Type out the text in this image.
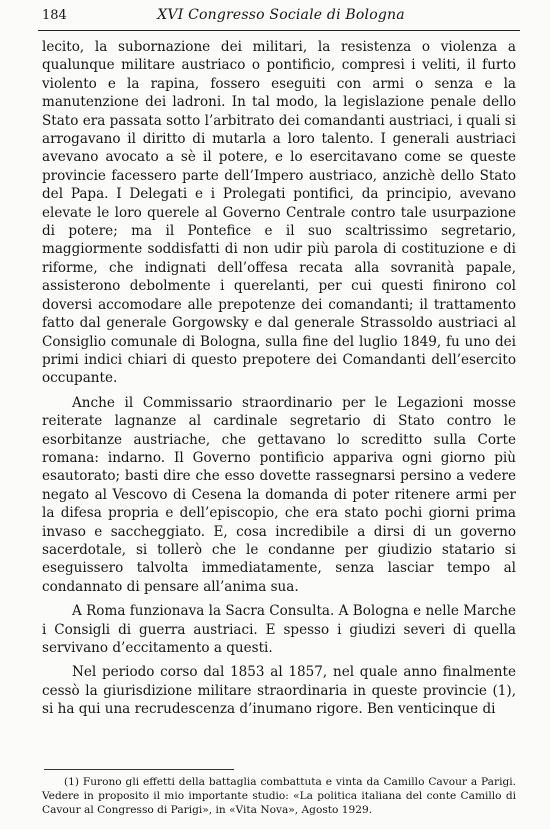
184	XVI Congresso Sociale di Bologna

lecito, la subornazione dei militari, la resistenza o violenza a qualunque militare austriaco o pontificio, compresi i veliti, il furto violento e la rapina, fossero eseguiti con armi o senza e la manutenzione dei ladroni. In tal modo, la legislazione penale dello Stato era passata sotto l’arbitrato dei comandanti austriaci, i quali si arrogavano il diritto di mutarla a loro talento. I generali austriaci avevano avocato a sè il potere, e lo esercitavano come se queste provincie facessero parte dell’Impero austriaco, anzichè dello Stato del Papa. I Delegati e i Prolegati pontifici, da principio, avevano elevate le loro querele al Governo Centrale contro tale usurpazione di potere; ma il Pontefice e il suo scaltrissimo segretario, maggiormente soddisfatti di non udir più parola di costituzione e di riforme, che indignati dell’offesa recata alla sovranità papale, assisterono debolmente i querelanti, per cui questi finirono col doversi accomodare alle prepotenze dei comandanti; il trattamento fatto dal generale Gorgowsky e dal generale Strassoldo austriaci al Consiglio comunale di Bologna, sulla fine del luglio 1849, fu uno dei primi indici chiari di questo prepotere dei Comandanti dell’esercito occupante.

Anche il Commissario straordinario per le Legazioni mosse reiterate lagnanze al cardinale segretario di Stato contro le esorbitanze austriache, che gettavano lo screditto sulla Corte romana: indarno. Il Governo pontificio appariva ogni giorno più esautorato; basti dire che esso dovette rassegnarsi persino a vedere negato al Vescovo di Cesena la domanda di poter ritenere armi per la difesa propria e dell’episcopio, che era stato pochi giorni prima invaso e saccheggiato. E, cosa incredibile a dirsi di un governo sacerdotale, si tollerò che le condanne per giudizio statario si eseguissero talvolta immediatamente, senza lasciar tempo al condannato di pensare all’anima sua.

A Roma funzionava la Sacra Consulta. A Bologna e nelle Marche i Consigli di guerra austriaci. E spesso i giudizi severi di quella servivano d’eccitamento a questi.

Nel periodo corso dal 1853 al 1857, nel quale anno finalmente cessò la giurisdizione militare straordinaria in queste provincie (1), si ha qui una recrudescenza d’inumano rigore. Ben venticinque di

(1) Furono gli effetti della battaglia combattuta e vinta da Camillo Cavour a Parigi. Vedere in proposito il mio importante studio: «La politica italiana del conte Camillo di Cavour al Congresso di Parigi», in «Vita Nova», Agosto 1929.
